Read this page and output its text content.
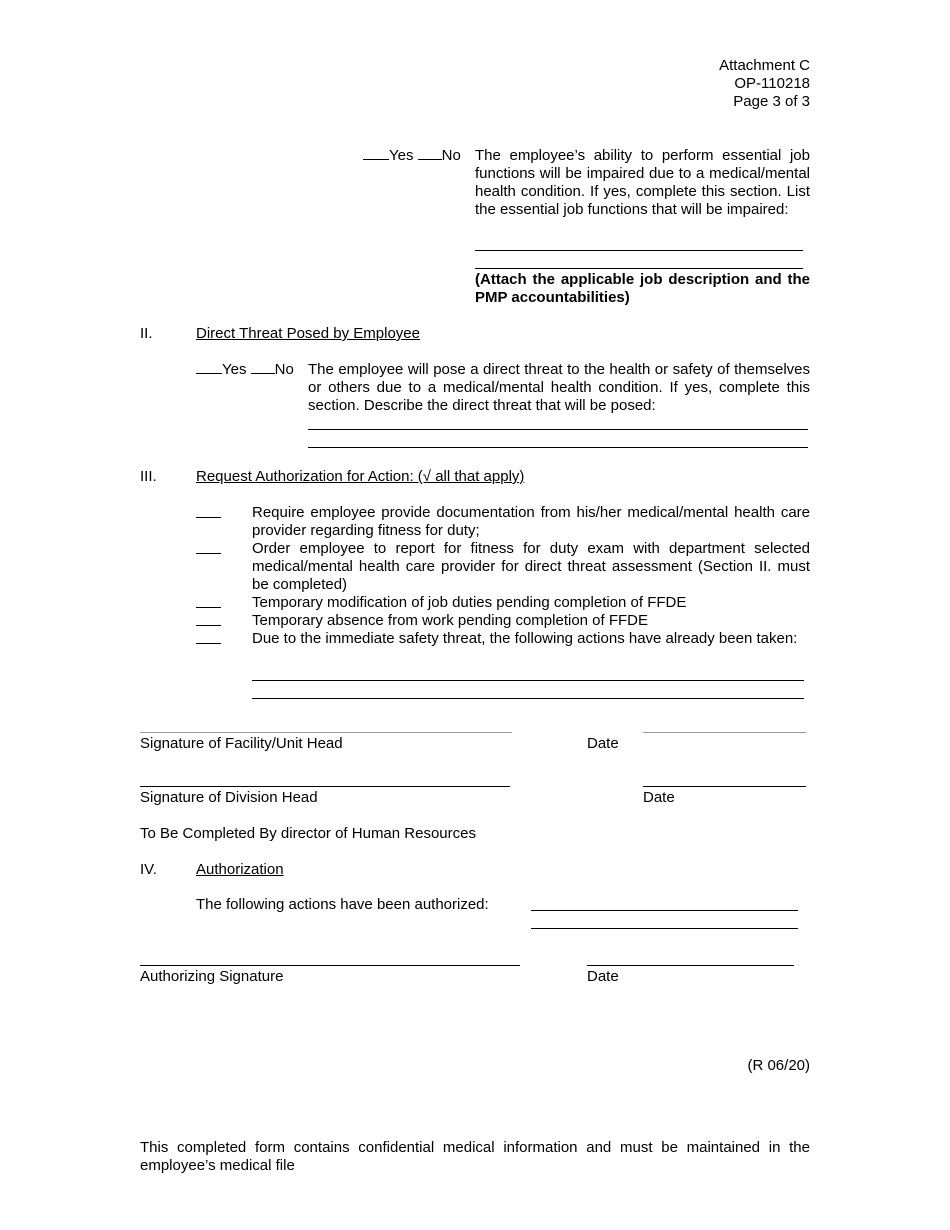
Attachment C
OP-110218
Page 3 of 3
Yes No The employee’s ability to perform essential job functions will be impaired due to a medical/mental health condition. If yes, complete this section. List the essential job functions that will be impaired:
(Attach the applicable job description and the PMP accountabilities)
II.	Direct Threat Posed by Employee
Yes No The employee will pose a direct threat to the health or safety of themselves or others due to a medical/mental health condition. If yes, complete this section. Describe the direct threat that will be posed:
III.	Request Authorization for Action: (√ all that apply)
Require employee provide documentation from his/her medical/mental health care provider regarding fitness for duty;
Order employee to report for fitness for duty exam with department selected medical/mental health care provider for direct threat assessment (Section II. must be completed)
Temporary modification of job duties pending completion of FFDE
Temporary absence from work pending completion of FFDE
Due to the immediate safety threat, the following actions have already been taken:
Signature of Facility/Unit Head	Date
Signature of Division Head	Date
To Be Completed By director of Human Resources
IV.	Authorization
The following actions have been authorized:
Authorizing Signature	Date
(R 06/20)
This completed form contains confidential medical information and must be maintained in the employee’s medical file
